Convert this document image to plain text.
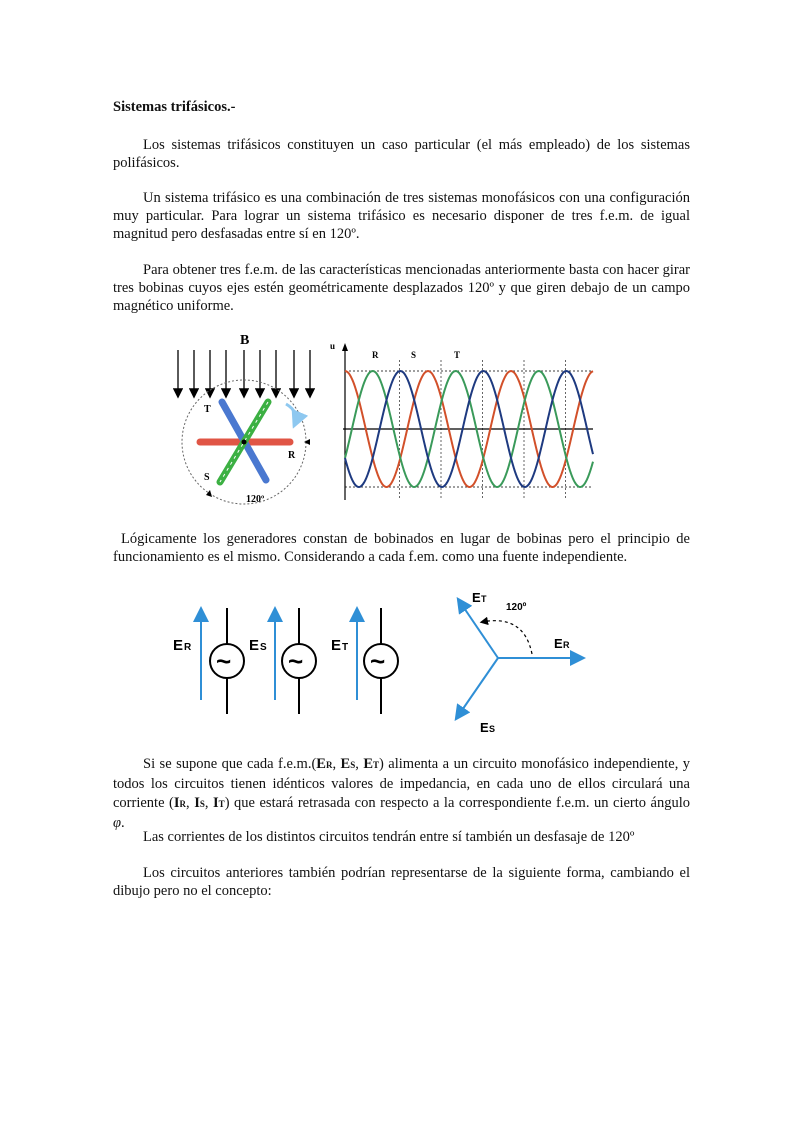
Sistemas trifásicos.-

Los sistemas trifásicos constituyen un caso particular (el más empleado) de los sistemas polifásicos.

Un sistema trifásico es una combinación de tres sistemas monofásicos con una configuración muy particular. Para lograr un sistema trifásico es necesario disponer de tres f.e.m. de igual magnitud pero desfasadas entre sí en 120º.

Para obtener tres f.e.m. de las características mencionadas anteriormente basta con hacer girar tres bobinas cuyos ejes estén geométricamente desplazados 120º y que giren debajo de un campo magnético uniforme.

B
T
S
R
120º
u
R	S	T

Lógicamente los generadores constan de bobinados en lugar de bobinas pero el principio de funcionamiento es el mismo. Considerando a cada f.em. como una fuente independiente.

E R ~
E S ~
E T ~
120º
E T
E R
E S

Si se supone que cada f.e.m.(ER, ES, ET) alimenta a un circuito monofásico independiente, y todos los circuitos tienen idénticos valores de impedancia, en cada uno de ellos circulará una corriente (IR, IS, IT) que estará retrasada con respecto a la correspondiente f.e.m. un cierto ángulo φ.

Las corrientes de los distintos circuitos tendrán entre sí también un desfasaje de 120º

Los circuitos anteriores también podrían representarse de la siguiente forma, cambiando el dibujo pero no el concepto:
